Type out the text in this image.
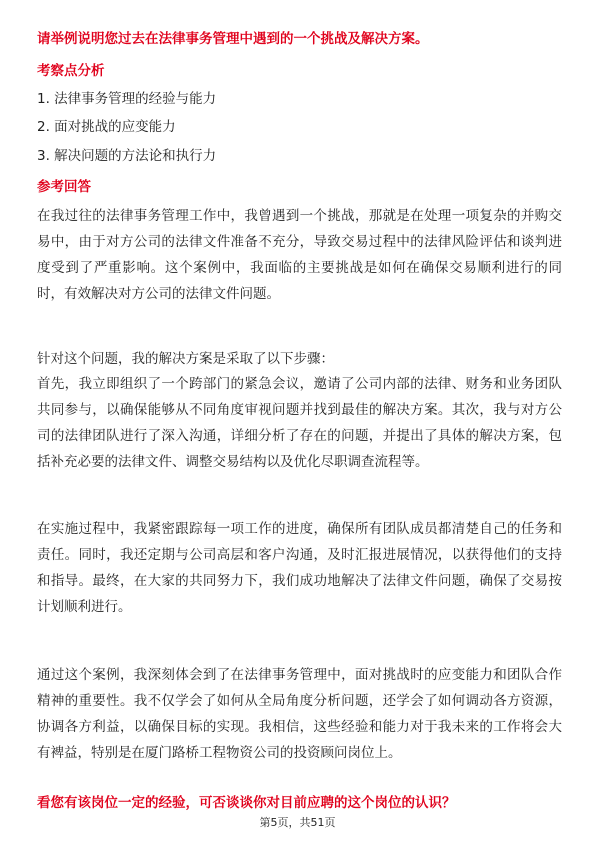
请举例说明您过去在法律事务管理中遇到的一个挑战及解决方案。
考察点分析
1. 法律事务管理的经验与能力
2. 面对挑战的应变能力
3. 解决问题的方法论和执行力
参考回答
在我过往的法律事务管理工作中，我曾遇到一个挑战，那就是在处理一项复杂的并购交易中，由于对方公司的法律文件准备不充分，导致交易过程中的法律风险评估和谈判进度受到了严重影响。这个案例中，我面临的主要挑战是如何在确保交易顺利进行的同时，有效解决对方公司的法律文件问题。
针对这个问题，我的解决方案是采取了以下步骤：
首先，我立即组织了一个跨部门的紧急会议，邀请了公司内部的法律、财务和业务团队共同参与，以确保能够从不同角度审视问题并找到最佳的解决方案。其次，我与对方公司的法律团队进行了深入沟通，详细分析了存在的问题，并提出了具体的解决方案，包括补充必要的法律文件、调整交易结构以及优化尽职调查流程等。
在实施过程中，我紧密跟踪每一项工作的进度，确保所有团队成员都清楚自己的任务和责任。同时，我还定期与公司高层和客户沟通，及时汇报进展情况，以获得他们的支持和指导。最终，在大家的共同努力下，我们成功地解决了法律文件问题，确保了交易按计划顺利进行。
通过这个案例，我深刻体会到了在法律事务管理中，面对挑战时的应变能力和团队合作精神的重要性。我不仅学会了如何从全局角度分析问题，还学会了如何调动各方资源，协调各方利益，以确保目标的实现。我相信，这些经验和能力对于我未来的工作将会大有裨益，特别是在厦门路桥工程物资公司的投资顾问岗位上。
看您有该岗位一定的经验，可否谈谈你对目前应聘的这个岗位的认识？
第5页，共51页
